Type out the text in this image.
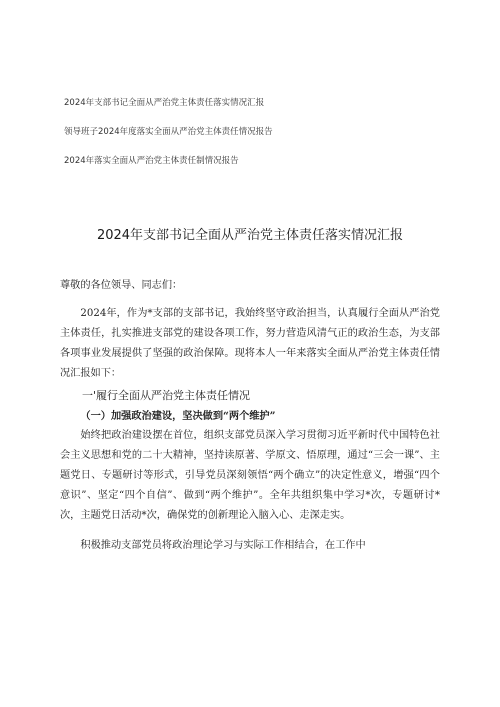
2024年支部书记全面从严治党主体责任落实情况汇报
领导班子2024年度落实全面从严治党主体责任情况报告
2024年落实全面从严治党主体责任制情况报告
2024年支部书记全面从严治党主体责任落实情况汇报

尊敬的各位领导、同志们：

2024年，作为*支部的支部书记，我始终坚守政治担当，认真履行全面从严治党主体责任，扎实推进支部党的建设各项工作，努力营造风清气正的政治生态，为支部各项事业发展提供了坚强的政治保障。现将本人一年来落实全面从严治党主体责任情况汇报如下：

一'履行全面从严治党主体责任情况

（一）加强政治建设，坚决做到“两个维护”

始终把政治建设摆在首位，组织支部党员深入学习贯彻习近平新时代中国特色社会主义思想和党的二十大精神，坚持读原著、学原文、悟原理，通过“三会一课”、主题党日、专题研讨等形式，引导党员深刻领悟“两个确立”的决定性意义，增强“四个意识”、坚定“四个自信”、做到“两个维护”。全年共组织集中学习*次，专题研讨*次，主题党日活动*次，确保党的创新理论入脑入心、走深走实。

积极推动支部党员将政治理论学习与实际工作相结合，在工作中
